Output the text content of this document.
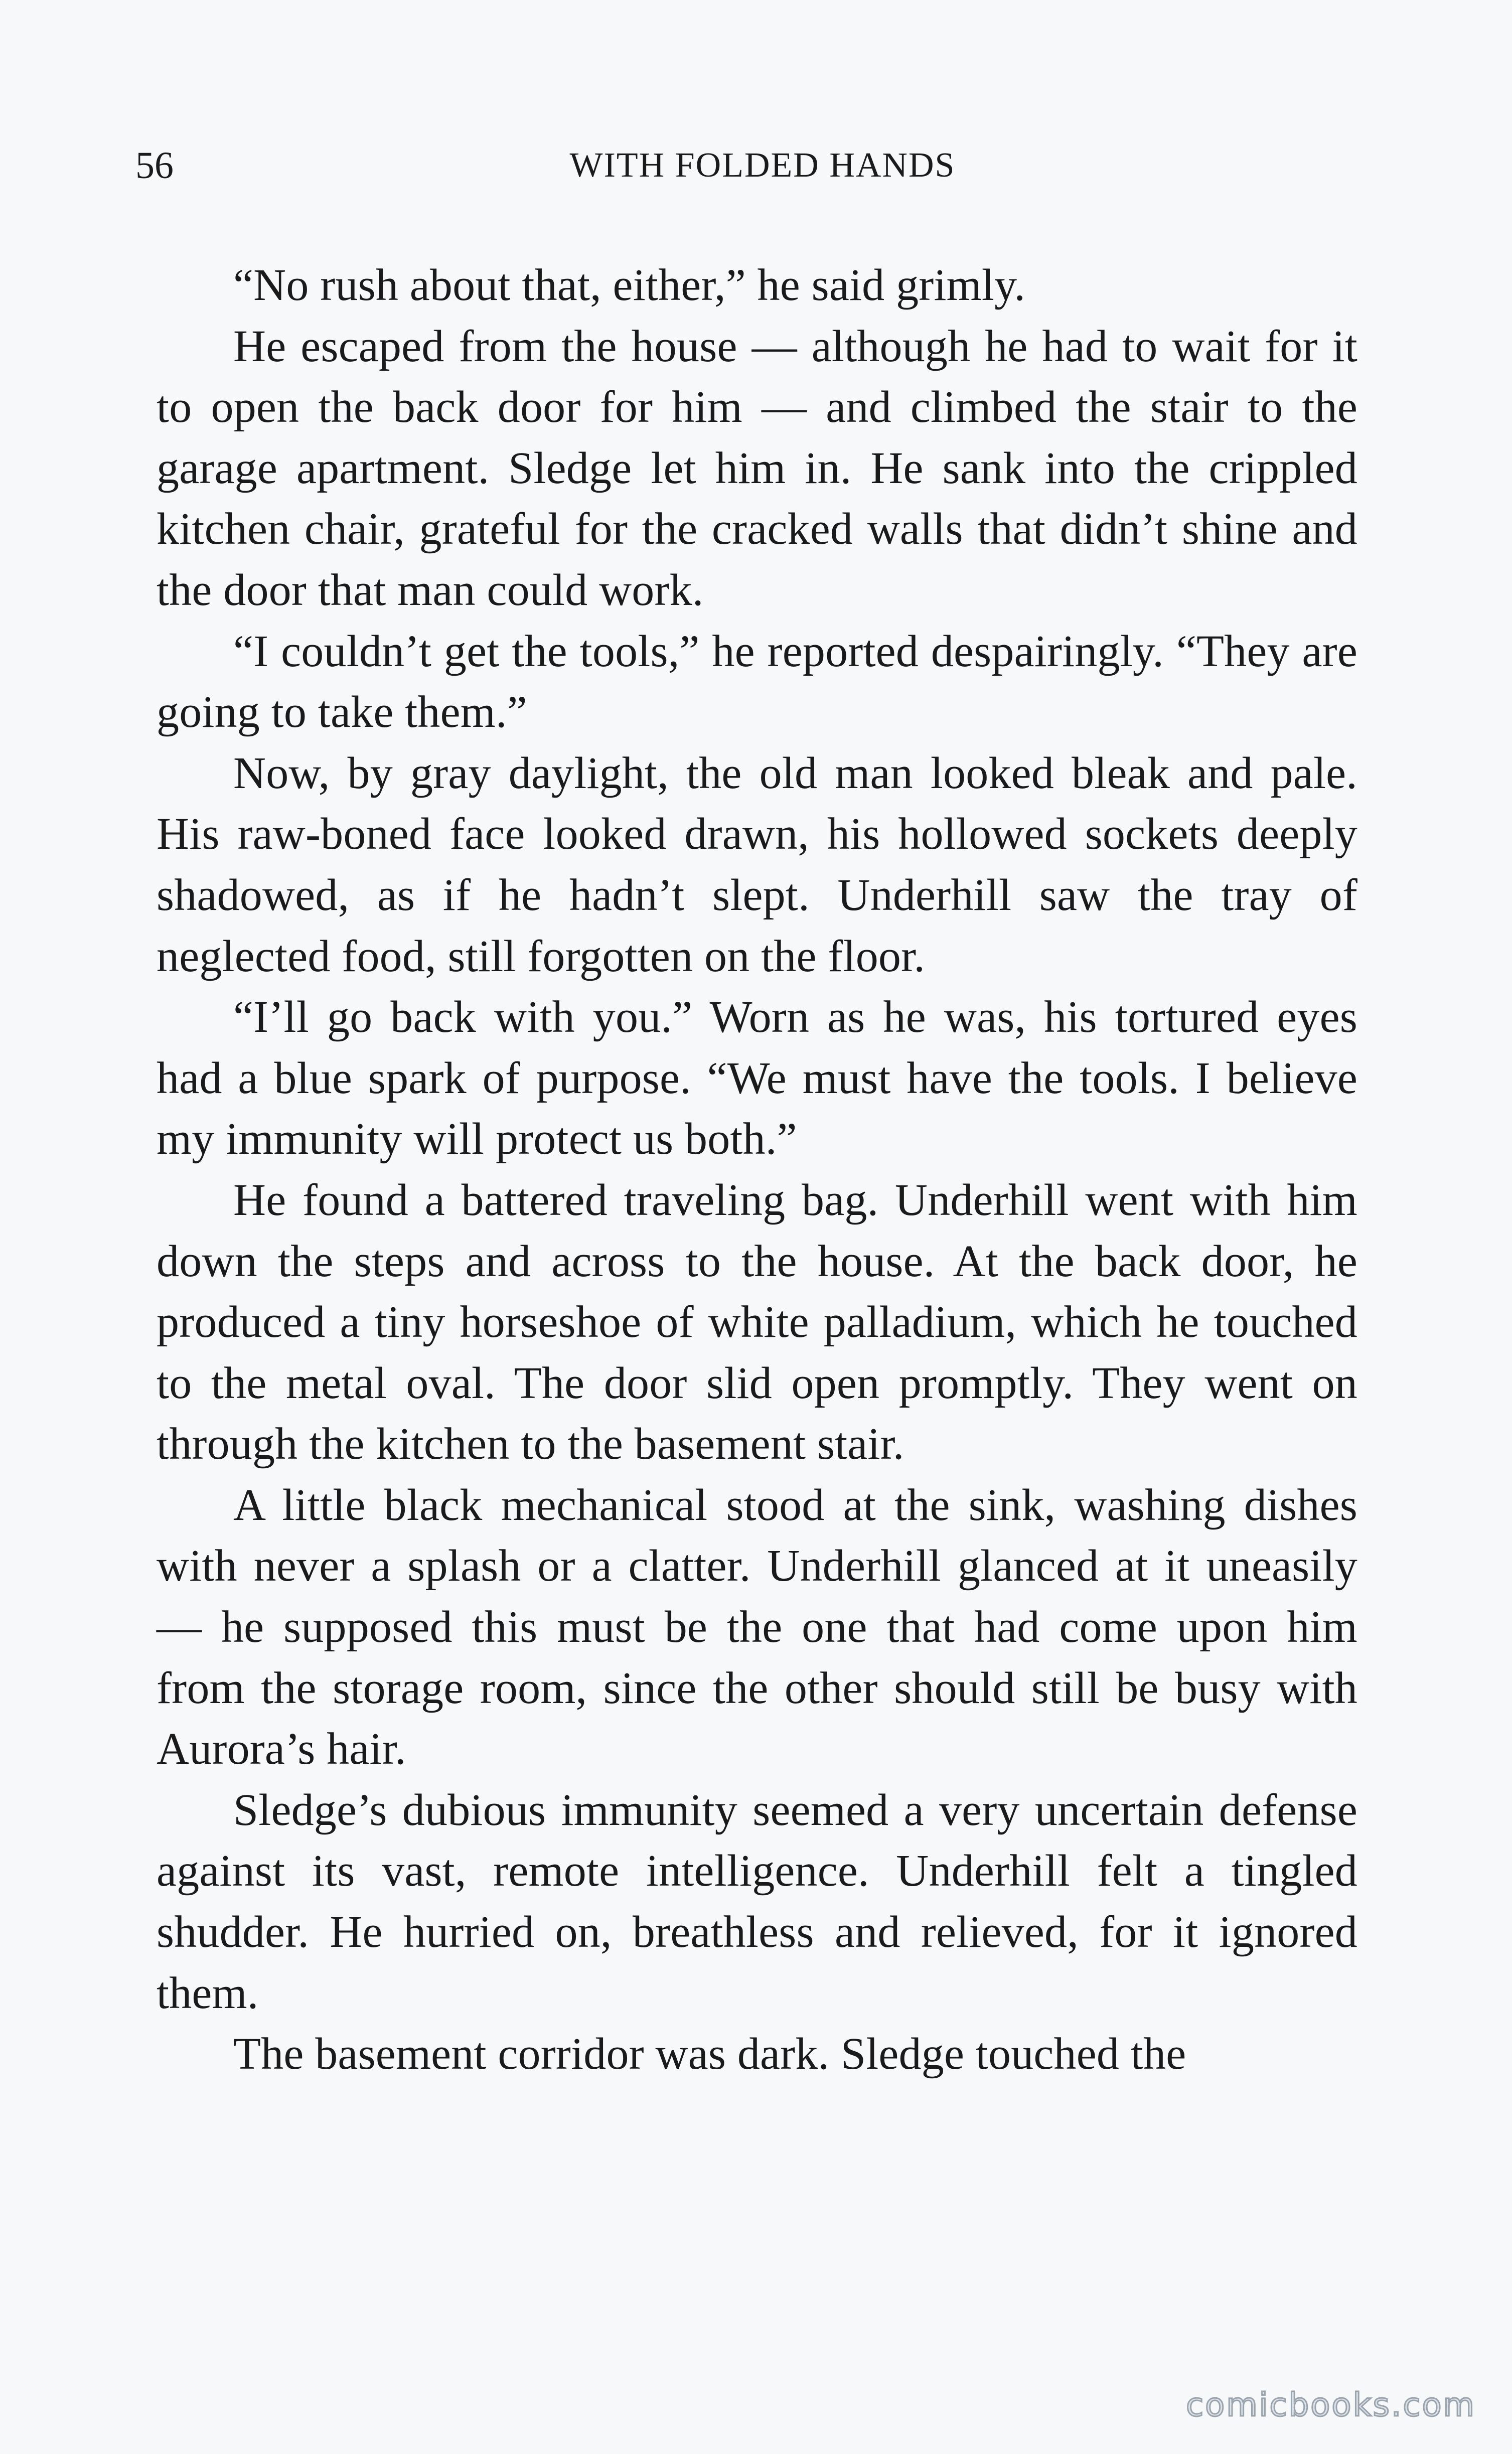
56	WITH FOLDED HANDS

“No rush about that, either,” he said grimly.

He escaped from the house — although he had to wait for it to open the back door for him — and climbed the stair to the garage apartment. Sledge let him in. He sank into the crippled kitchen chair, grateful for the cracked walls that didn’t shine and the door that man could work.

“I couldn’t get the tools,” he reported despairingly. “They are going to take them.”

Now, by gray daylight, the old man looked bleak and pale. His raw-boned face looked drawn, his hollowed sockets deeply shadowed, as if he hadn’t slept. Underhill saw the tray of neglected food, still forgotten on the floor.

“I’ll go back with you.” Worn as he was, his tortured eyes had a blue spark of purpose. “We must have the tools. I believe my immunity will protect us both.”

He found a battered traveling bag. Underhill went with him down the steps and across to the house. At the back door, he produced a tiny horseshoe of white palladium, which he touched to the metal oval. The door slid open promptly. They went on through the kitchen to the basement stair.

A little black mechanical stood at the sink, washing dishes with never a splash or a clatter. Underhill glanced at it uneasily — he supposed this must be the one that had come upon him from the storage room, since the other should still be busy with Aurora’s hair.

Sledge’s dubious immunity seemed a very uncertain defense against its vast, remote intelligence. Underhill felt a tingled shudder. He hurried on, breathless and relieved, for it ignored them.

The basement corridor was dark. Sledge touched the

comicbooks.com
